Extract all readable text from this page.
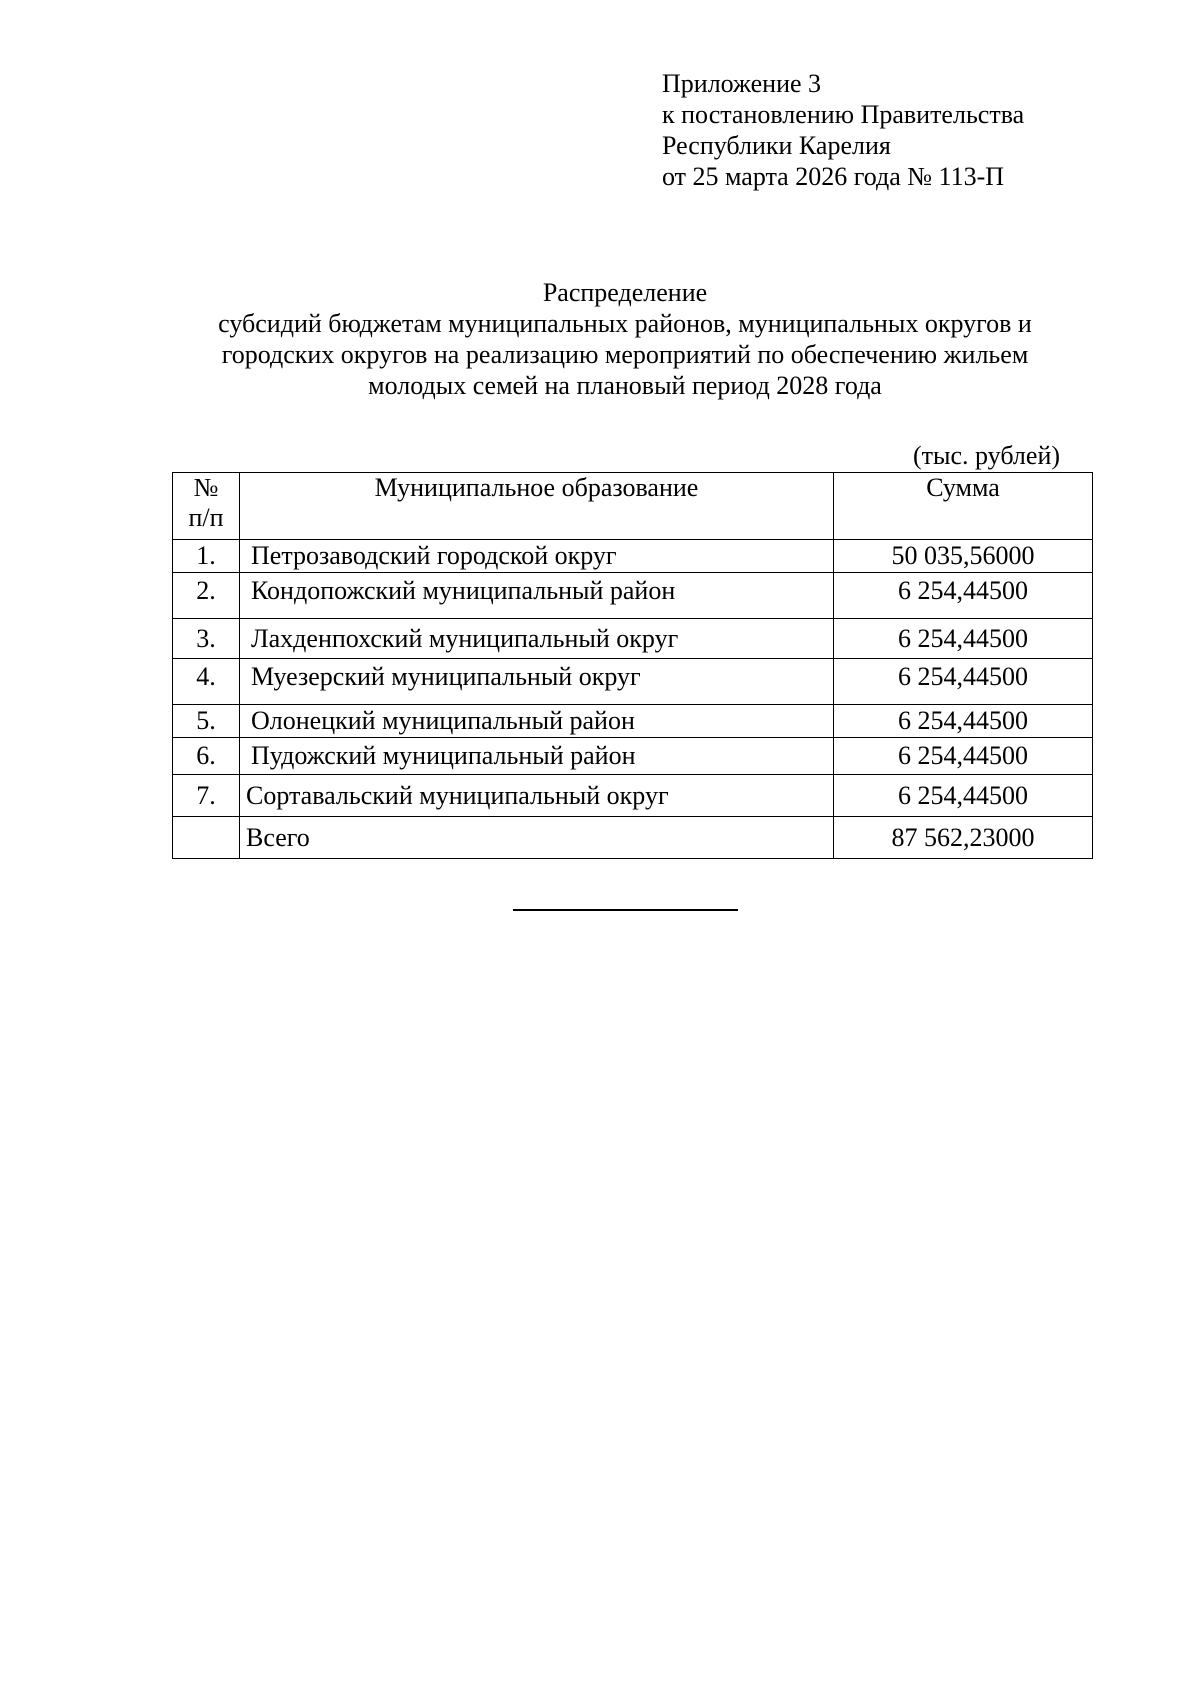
Приложение 3
к постановлению Правительства
Республики Карелия
от 25 марта 2026 года № 113-П
Распределение
субсидий бюджетам муниципальных районов, муниципальных округов и
городских округов на реализацию мероприятий по обеспечению жильем
молодых семей на плановый период 2028 года
(тыс. рублей)
№
п/п	Муниципальное образование	Сумма
1.	Петрозаводский городской округ	50 035,56000
2.	Кондопожский муниципальный район	6 254,44500
3.	Лахденпохский муниципальный округ	6 254,44500
4.	Муезерский муниципальный округ	6 254,44500
5.	Олонецкий муниципальный район	6 254,44500
6.	Пудожский муниципальный район	6 254,44500
7.	Сортавальский муниципальный округ	6 254,44500
	Всего	87 562,23000
